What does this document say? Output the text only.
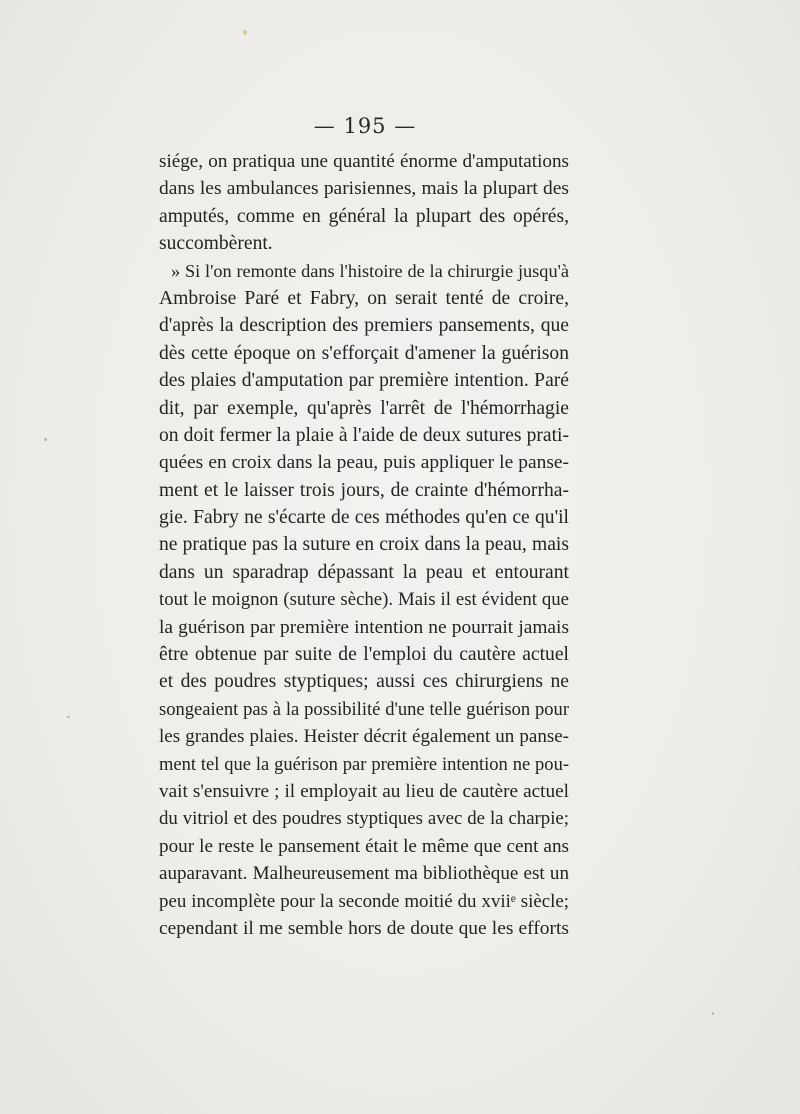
— 195 —
siége, on pratiqua une quantité énorme d'amputations
dans les ambulances parisiennes, mais la plupart des
amputés, comme en général la plupart des opérés,
succombèrent.
» Si l'on remonte dans l'histoire de la chirurgie jusqu'à
Ambroise Paré et Fabry, on serait tenté de croire,
d'après la description des premiers pansements, que
dès cette époque on s'efforçait d'amener la guérison
des plaies d'amputation par première intention. Paré
dit, par exemple, qu'après l'arrêt de l'hémorrhagie
on doit fermer la plaie à l'aide de deux sutures prati-
quées en croix dans la peau, puis appliquer le panse-
ment et le laisser trois jours, de crainte d'hémorrha-
gie. Fabry ne s'écarte de ces méthodes qu'en ce qu'il
ne pratique pas la suture en croix dans la peau, mais
dans un sparadrap dépassant la peau et entourant
tout le moignon (suture sèche). Mais il est évident que
la guérison par première intention ne pourrait jamais
être obtenue par suite de l'emploi du cautère actuel
et des poudres styptiques; aussi ces chirurgiens ne
songeaient pas à la possibilité d'une telle guérison pour
les grandes plaies. Heister décrit également un panse-
ment tel que la guérison par première intention ne pou-
vait s'ensuivre ; il employait au lieu de cautère actuel
du vitriol et des poudres styptiques avec de la charpie;
pour le reste le pansement était le même que cent ans
auparavant. Malheureusement ma bibliothèque est un
peu incomplète pour la seconde moitié du xviiᵉ siècle;
cependant il me semble hors de doute que les efforts
